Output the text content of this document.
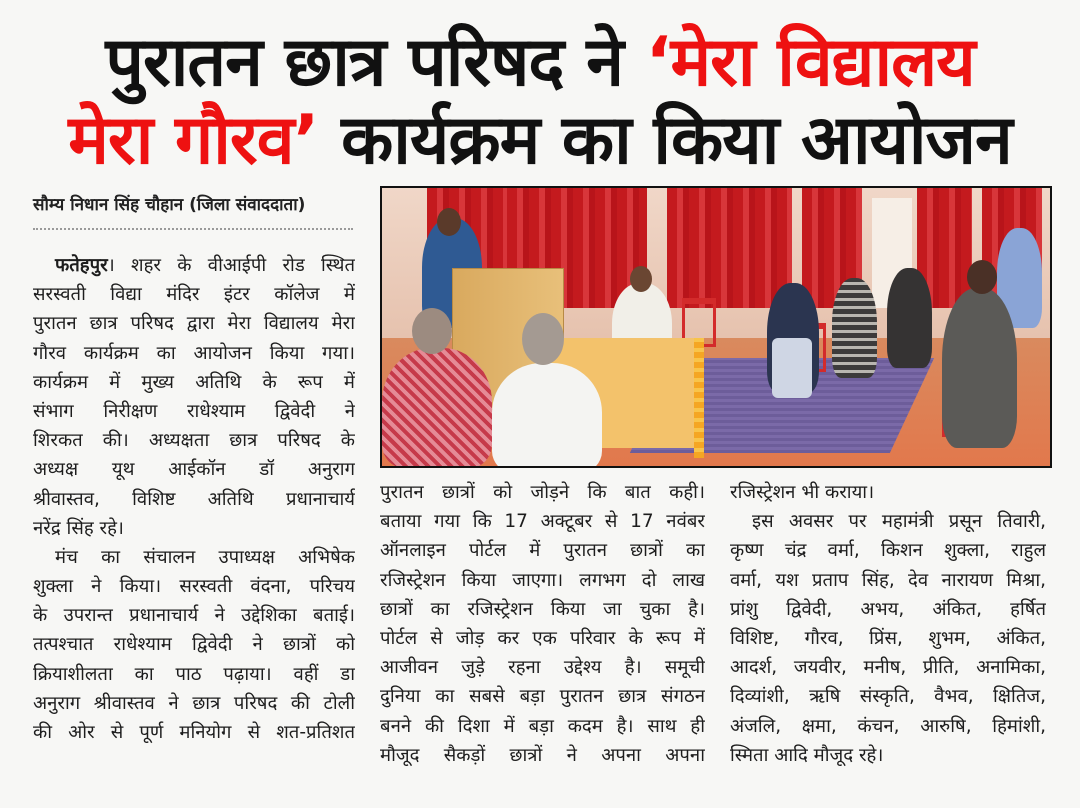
पुरातन छात्र परिषद ने ‘मेरा विद्यालय
मेरा गौरव’ कार्यक्रम का किया आयोजन
सौम्य निधान सिंह चौहान (जिला संवाददाता)
फतेहपुर। शहर के वीआईपी रोड स्थित
सरस्वती विद्या मंदिर इंटर कॉलेज में
पुरातन छात्र परिषद द्वारा मेरा विद्यालय मेरा
गौरव कार्यक्रम का आयोजन किया गया।
कार्यक्रम में मुख्य अतिथि के रूप में
संभाग निरीक्षण राधेश्याम द्विवेदी ने
शिरकत की। अध्यक्षता छात्र परिषद के
अध्यक्ष यूथ आईकॉन डॉ अनुराग
श्रीवास्तव, विशिष्ट अतिथि प्रधानाचार्य
नरेंद्र सिंह रहे।
मंच का संचालन उपाध्यक्ष अभिषेक
शुक्ला ने किया। सरस्वती वंदना, परिचय
के उपरान्त प्रधानाचार्य ने उद्देशिका बताई।
तत्पश्चात राधेश्याम द्विवेदी ने छात्रों को
क्रियाशीलता का पाठ पढ़ाया। वहीं डा
अनुराग श्रीवास्तव ने छात्र परिषद की टोली
की ओर से पूर्ण मनियोग से शत-प्रतिशत
पुरातन छात्रों को जोड़ने कि बात कही।
बताया गया कि 17 अक्टूबर से 17 नवंबर
ऑनलाइन पोर्टल में पुरातन छात्रों का
रजिस्ट्रेशन किया जाएगा। लगभग दो लाख
छात्रों का रजिस्ट्रेशन किया जा चुका है।
पोर्टल से जोड़ कर एक परिवार के रूप में
आजीवन जुड़े रहना उद्देश्य है। समूची
दुनिया का सबसे बड़ा पुरातन छात्र संगठन
बनने की दिशा में बड़ा कदम है। साथ ही
मौजूद सैकड़ों छात्रों ने अपना अपना
रजिस्ट्रेशन भी कराया।
इस अवसर पर महामंत्री प्रसून तिवारी,
कृष्ण चंद्र वर्मा, किशन शुक्ला, राहुल
वर्मा, यश प्रताप सिंह, देव नारायण मिश्रा,
प्रांशु द्विवेदी, अभय, अंकित, हर्षित
विशिष्ट, गौरव, प्रिंस, शुभम, अंकित,
आदर्श, जयवीर, मनीष, प्रीति, अनामिका,
दिव्यांशी, ऋषि संस्कृति, वैभव, क्षितिज,
अंजलि, क्षमा, कंचन, आरुषि, हिमांशी,
स्मिता आदि मौजूद रहे।
